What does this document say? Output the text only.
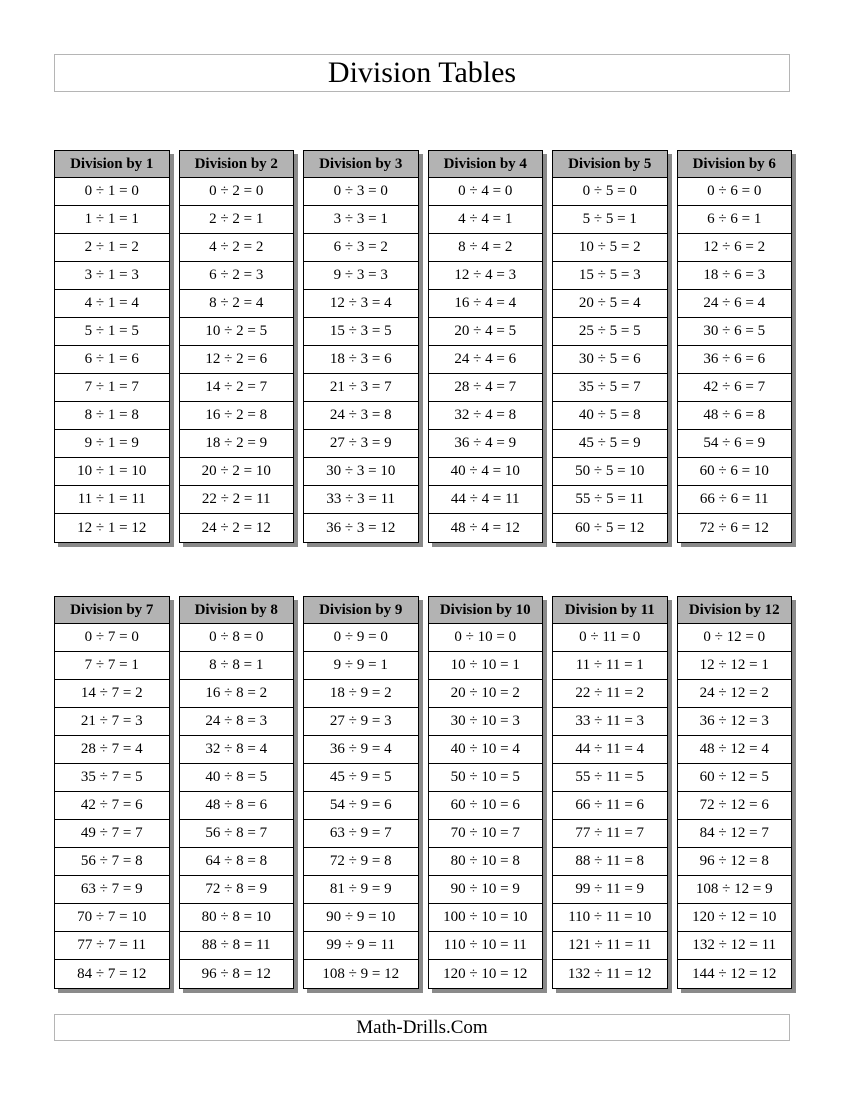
Division Tables
Division by 1
0 ÷ 1 = 0
1 ÷ 1 = 1
2 ÷ 1 = 2
3 ÷ 1 = 3
4 ÷ 1 = 4
5 ÷ 1 = 5
6 ÷ 1 = 6
7 ÷ 1 = 7
8 ÷ 1 = 8
9 ÷ 1 = 9
10 ÷ 1 = 10
11 ÷ 1 = 11
12 ÷ 1 = 12
Division by 2
0 ÷ 2 = 0
2 ÷ 2 = 1
4 ÷ 2 = 2
6 ÷ 2 = 3
8 ÷ 2 = 4
10 ÷ 2 = 5
12 ÷ 2 = 6
14 ÷ 2 = 7
16 ÷ 2 = 8
18 ÷ 2 = 9
20 ÷ 2 = 10
22 ÷ 2 = 11
24 ÷ 2 = 12
Division by 3
0 ÷ 3 = 0
3 ÷ 3 = 1
6 ÷ 3 = 2
9 ÷ 3 = 3
12 ÷ 3 = 4
15 ÷ 3 = 5
18 ÷ 3 = 6
21 ÷ 3 = 7
24 ÷ 3 = 8
27 ÷ 3 = 9
30 ÷ 3 = 10
33 ÷ 3 = 11
36 ÷ 3 = 12
Division by 4
0 ÷ 4 = 0
4 ÷ 4 = 1
8 ÷ 4 = 2
12 ÷ 4 = 3
16 ÷ 4 = 4
20 ÷ 4 = 5
24 ÷ 4 = 6
28 ÷ 4 = 7
32 ÷ 4 = 8
36 ÷ 4 = 9
40 ÷ 4 = 10
44 ÷ 4 = 11
48 ÷ 4 = 12
Division by 5
0 ÷ 5 = 0
5 ÷ 5 = 1
10 ÷ 5 = 2
15 ÷ 5 = 3
20 ÷ 5 = 4
25 ÷ 5 = 5
30 ÷ 5 = 6
35 ÷ 5 = 7
40 ÷ 5 = 8
45 ÷ 5 = 9
50 ÷ 5 = 10
55 ÷ 5 = 11
60 ÷ 5 = 12
Division by 6
0 ÷ 6 = 0
6 ÷ 6 = 1
12 ÷ 6 = 2
18 ÷ 6 = 3
24 ÷ 6 = 4
30 ÷ 6 = 5
36 ÷ 6 = 6
42 ÷ 6 = 7
48 ÷ 6 = 8
54 ÷ 6 = 9
60 ÷ 6 = 10
66 ÷ 6 = 11
72 ÷ 6 = 12
Division by 7
0 ÷ 7 = 0
7 ÷ 7 = 1
14 ÷ 7 = 2
21 ÷ 7 = 3
28 ÷ 7 = 4
35 ÷ 7 = 5
42 ÷ 7 = 6
49 ÷ 7 = 7
56 ÷ 7 = 8
63 ÷ 7 = 9
70 ÷ 7 = 10
77 ÷ 7 = 11
84 ÷ 7 = 12
Division by 8
0 ÷ 8 = 0
8 ÷ 8 = 1
16 ÷ 8 = 2
24 ÷ 8 = 3
32 ÷ 8 = 4
40 ÷ 8 = 5
48 ÷ 8 = 6
56 ÷ 8 = 7
64 ÷ 8 = 8
72 ÷ 8 = 9
80 ÷ 8 = 10
88 ÷ 8 = 11
96 ÷ 8 = 12
Division by 9
0 ÷ 9 = 0
9 ÷ 9 = 1
18 ÷ 9 = 2
27 ÷ 9 = 3
36 ÷ 9 = 4
45 ÷ 9 = 5
54 ÷ 9 = 6
63 ÷ 9 = 7
72 ÷ 9 = 8
81 ÷ 9 = 9
90 ÷ 9 = 10
99 ÷ 9 = 11
108 ÷ 9 = 12
Division by 10
0 ÷ 10 = 0
10 ÷ 10 = 1
20 ÷ 10 = 2
30 ÷ 10 = 3
40 ÷ 10 = 4
50 ÷ 10 = 5
60 ÷ 10 = 6
70 ÷ 10 = 7
80 ÷ 10 = 8
90 ÷ 10 = 9
100 ÷ 10 = 10
110 ÷ 10 = 11
120 ÷ 10 = 12
Division by 11
0 ÷ 11 = 0
11 ÷ 11 = 1
22 ÷ 11 = 2
33 ÷ 11 = 3
44 ÷ 11 = 4
55 ÷ 11 = 5
66 ÷ 11 = 6
77 ÷ 11 = 7
88 ÷ 11 = 8
99 ÷ 11 = 9
110 ÷ 11 = 10
121 ÷ 11 = 11
132 ÷ 11 = 12
Division by 12
0 ÷ 12 = 0
12 ÷ 12 = 1
24 ÷ 12 = 2
36 ÷ 12 = 3
48 ÷ 12 = 4
60 ÷ 12 = 5
72 ÷ 12 = 6
84 ÷ 12 = 7
96 ÷ 12 = 8
108 ÷ 12 = 9
120 ÷ 12 = 10
132 ÷ 12 = 11
144 ÷ 12 = 12
Math-Drills.Com
